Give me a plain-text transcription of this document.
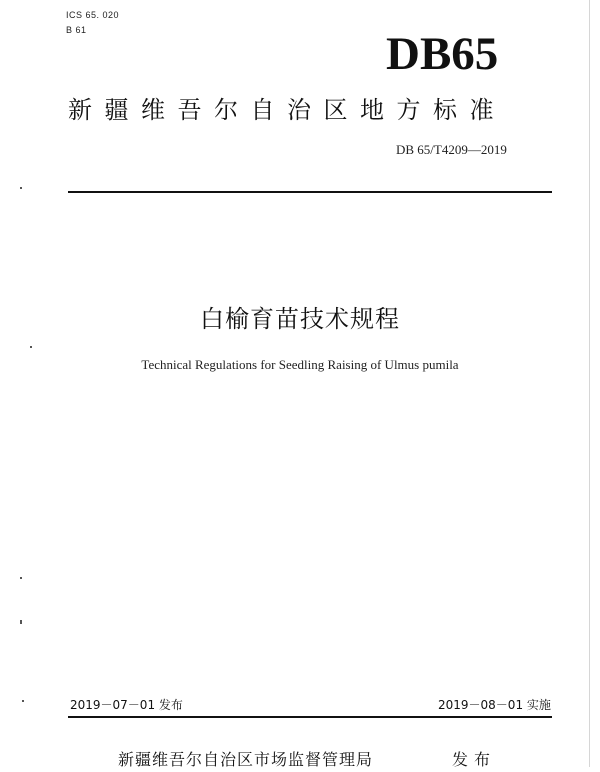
ICS 65. 020
B 61	DB65
新疆维吾尔自治区地方标准
DB 65/T4209—2019
白榆育苗技术规程
Technical Regulations for Seedling Raising of Ulmus pumila
2019－07－01 发布	2019－08－01 实施
新疆维吾尔自治区市场监督管理局	发布
